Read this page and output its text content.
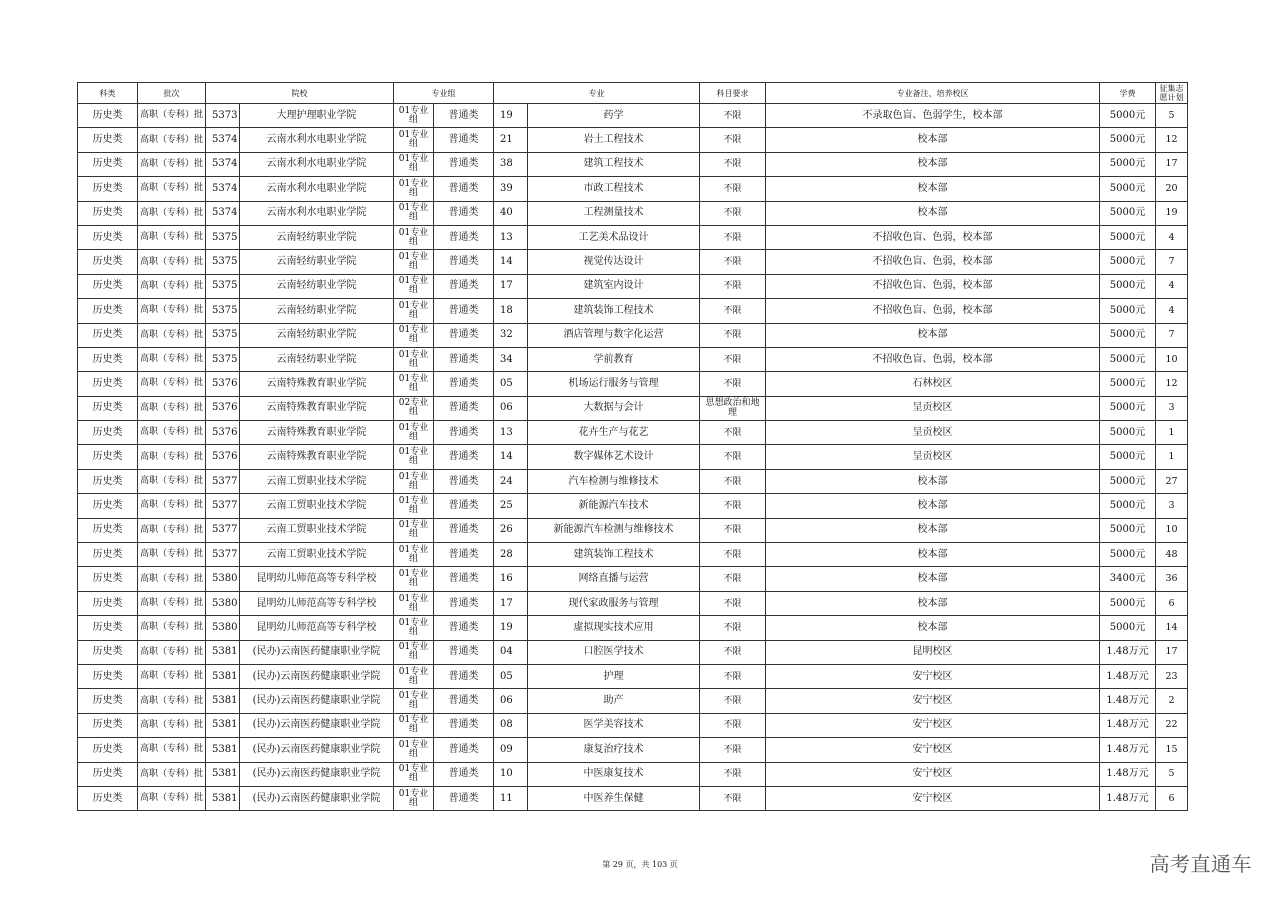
科类	批次	院校		专业组		专业		科目要求	专业备注、培养校区	学费	征集志愿计划
历史类	高职（专科）批	5373	大理护理职业学院	01专业组	普通类	19	药学	不限	不录取色盲、色弱学生，校本部	5000元	5
历史类	高职（专科）批	5374	云南水利水电职业学院	01专业组	普通类	21	岩土工程技术	不限	校本部	5000元	12
历史类	高职（专科）批	5374	云南水利水电职业学院	01专业组	普通类	38	建筑工程技术	不限	校本部	5000元	17
历史类	高职（专科）批	5374	云南水利水电职业学院	01专业组	普通类	39	市政工程技术	不限	校本部	5000元	20
历史类	高职（专科）批	5374	云南水利水电职业学院	01专业组	普通类	40	工程测量技术	不限	校本部	5000元	19
历史类	高职（专科）批	5375	云南轻纺职业学院	01专业组	普通类	13	工艺美术品设计	不限	不招收色盲、色弱，校本部	5000元	4
历史类	高职（专科）批	5375	云南轻纺职业学院	01专业组	普通类	14	视觉传达设计	不限	不招收色盲、色弱，校本部	5000元	7
历史类	高职（专科）批	5375	云南轻纺职业学院	01专业组	普通类	17	建筑室内设计	不限	不招收色盲、色弱，校本部	5000元	4
历史类	高职（专科）批	5375	云南轻纺职业学院	01专业组	普通类	18	建筑装饰工程技术	不限	不招收色盲、色弱，校本部	5000元	4
历史类	高职（专科）批	5375	云南轻纺职业学院	01专业组	普通类	32	酒店管理与数字化运营	不限	校本部	5000元	7
历史类	高职（专科）批	5375	云南轻纺职业学院	01专业组	普通类	34	学前教育	不限	不招收色盲、色弱，校本部	5000元	10
历史类	高职（专科）批	5376	云南特殊教育职业学院	01专业组	普通类	05	机场运行服务与管理	不限	石林校区	5000元	12
历史类	高职（专科）批	5376	云南特殊教育职业学院	02专业组	普通类	06	大数据与会计	思想政治和地理	呈贡校区	5000元	3
历史类	高职（专科）批	5376	云南特殊教育职业学院	01专业组	普通类	13	花卉生产与花艺	不限	呈贡校区	5000元	1
历史类	高职（专科）批	5376	云南特殊教育职业学院	01专业组	普通类	14	数字媒体艺术设计	不限	呈贡校区	5000元	1
历史类	高职（专科）批	5377	云南工贸职业技术学院	01专业组	普通类	24	汽车检测与维修技术	不限	校本部	5000元	27
历史类	高职（专科）批	5377	云南工贸职业技术学院	01专业组	普通类	25	新能源汽车技术	不限	校本部	5000元	3
历史类	高职（专科）批	5377	云南工贸职业技术学院	01专业组	普通类	26	新能源汽车检测与维修技术	不限	校本部	5000元	10
历史类	高职（专科）批	5377	云南工贸职业技术学院	01专业组	普通类	28	建筑装饰工程技术	不限	校本部	5000元	48
历史类	高职（专科）批	5380	昆明幼儿师范高等专科学校	01专业组	普通类	16	网络直播与运营	不限	校本部	3400元	36
历史类	高职（专科）批	5380	昆明幼儿师范高等专科学校	01专业组	普通类	17	现代家政服务与管理	不限	校本部	5000元	6
历史类	高职（专科）批	5380	昆明幼儿师范高等专科学校	01专业组	普通类	19	虚拟现实技术应用	不限	校本部	5000元	14
历史类	高职（专科）批	5381	(民办)云南医药健康职业学院	01专业组	普通类	04	口腔医学技术	不限	昆明校区	1.48万元	17
历史类	高职（专科）批	5381	(民办)云南医药健康职业学院	01专业组	普通类	05	护理	不限	安宁校区	1.48万元	23
历史类	高职（专科）批	5381	(民办)云南医药健康职业学院	01专业组	普通类	06	助产	不限	安宁校区	1.48万元	2
历史类	高职（专科）批	5381	(民办)云南医药健康职业学院	01专业组	普通类	08	医学美容技术	不限	安宁校区	1.48万元	22
历史类	高职（专科）批	5381	(民办)云南医药健康职业学院	01专业组	普通类	09	康复治疗技术	不限	安宁校区	1.48万元	15
历史类	高职（专科）批	5381	(民办)云南医药健康职业学院	01专业组	普通类	10	中医康复技术	不限	安宁校区	1.48万元	5
历史类	高职（专科）批	5381	(民办)云南医药健康职业学院	01专业组	普通类	11	中医养生保健	不限	安宁校区	1.48万元	6
第 29 页，共 103 页	高考直通车
